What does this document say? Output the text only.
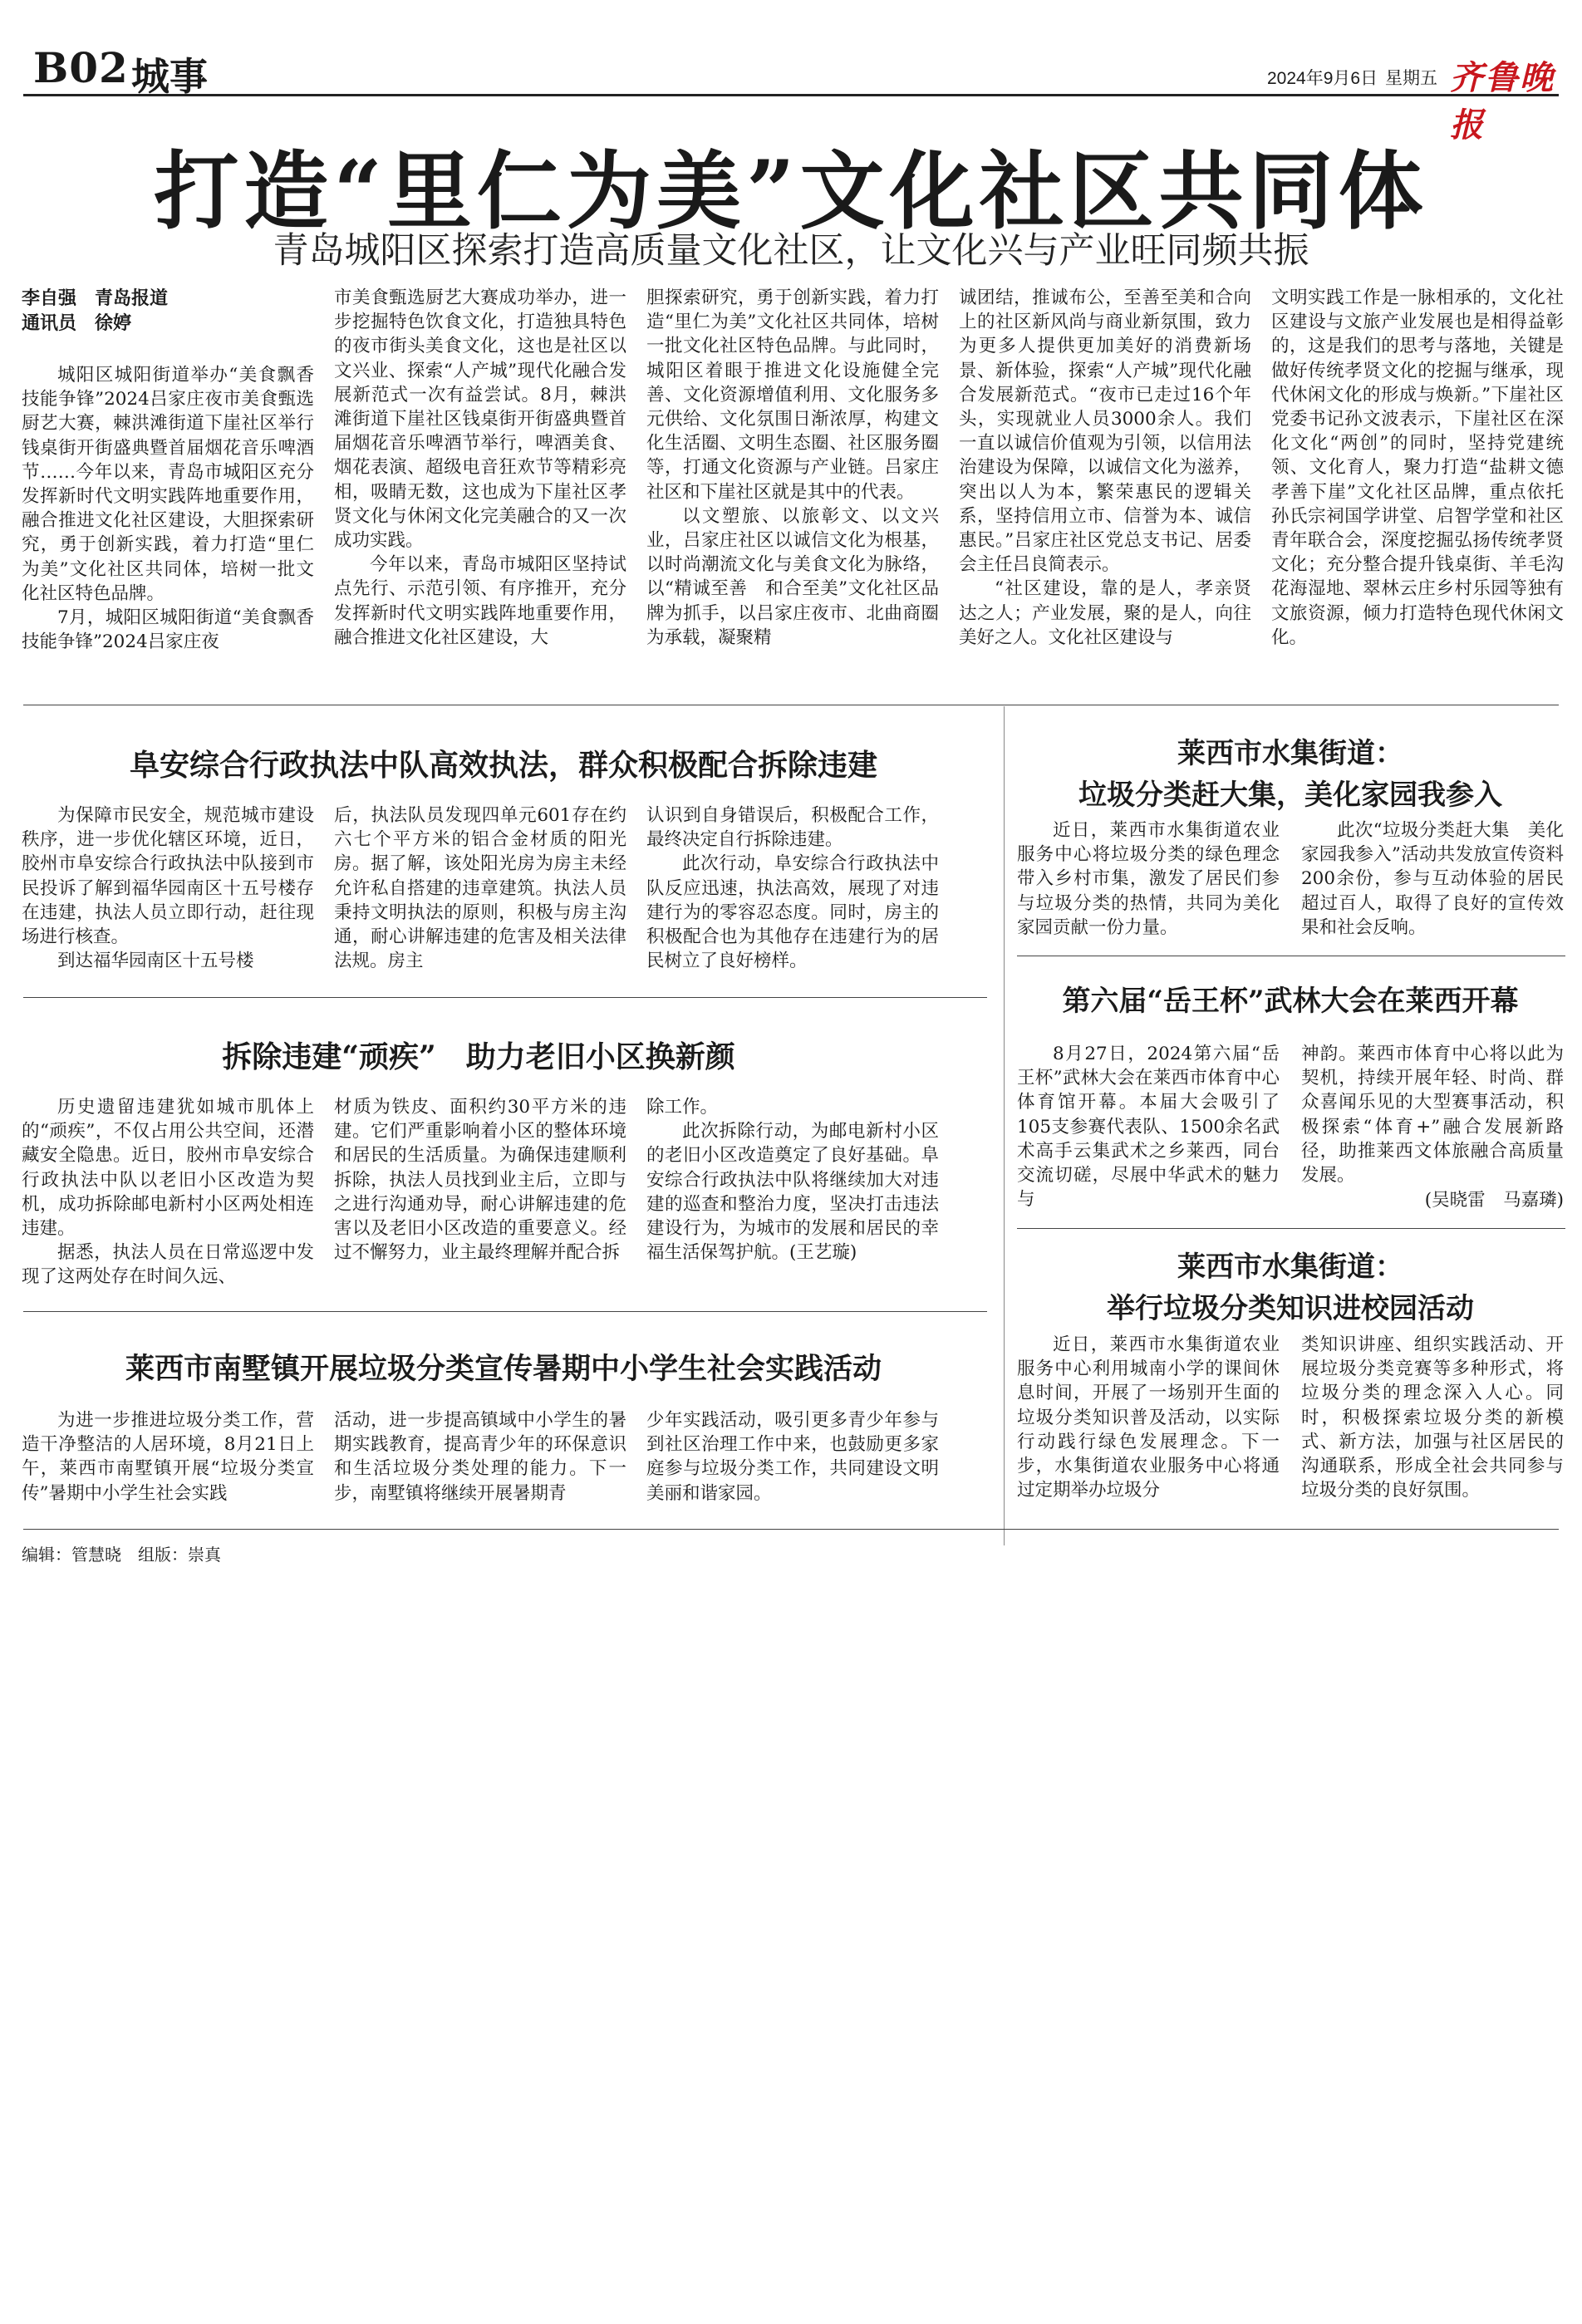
B02 城事	2024年9月6日 星期五 齐鲁晚报
打造“里仁为美”文化社区共同体
青岛城阳区探索打造高质量文化社区，让文化兴与产业旺同频共振
李自强　青岛报道
通讯员　徐婷

城阳区城阳街道举办“美食飘香　技能争锋”2024吕家庄夜市美食甄选厨艺大赛，棘洪滩街道下崖社区举行钱桌街开街盛典暨首届烟花音乐啤酒节……今年以来，青岛市城阳区充分发挥新时代文明实践阵地重要作用，融合推进文化社区建设，大胆探索研究，勇于创新实践，着力打造“里仁为美”文化社区共同体，培树一批文化社区特色品牌。

7月，城阳区城阳街道“美食飘香　技能争锋”2024吕家庄夜

市美食甄选厨艺大赛成功举办，进一步挖掘特色饮食文化，打造独具特色的夜市街头美食文化，这也是社区以文兴业、探索“人产城”现代化融合发展新范式一次有益尝试。8月，棘洪滩街道下崖社区钱桌街开街盛典暨首届烟花音乐啤酒节举行，啤酒美食、烟花表演、超级电音狂欢节等精彩亮相，吸睛无数，这也成为下崖社区孝贤文化与休闲文化完美融合的又一次成功实践。

今年以来，青岛市城阳区坚持试点先行、示范引领、有序推开，充分发挥新时代文明实践阵地重要作用，融合推进文化社区建设，大

胆探索研究，勇于创新实践，着力打造“里仁为美”文化社区共同体，培树一批文化社区特色品牌。与此同时，城阳区着眼于推进文化设施健全完善、文化资源增值利用、文化服务多元供给、文化氛围日渐浓厚，构建文化生活圈、文明生态圈、社区服务圈等，打通文化资源与产业链。吕家庄社区和下崖社区就是其中的代表。

以文塑旅、以旅彰文、以文兴业，吕家庄社区以诚信文化为根基，以时尚潮流文化与美食文化为脉络，以“精诚至善　和合至美”文化社区品牌为抓手，以吕家庄夜市、北曲商圈为承载，凝聚精

诚团结，推诚布公，至善至美和合向上的社区新风尚与商业新氛围，致力为更多人提供更加美好的消费新场景、新体验，探索“人产城”现代化融合发展新范式。“夜市已走过16个年头，实现就业人员3000余人。我们一直以诚信价值观为引领，以信用法治建设为保障，以诚信文化为滋养，突出以人为本，繁荣惠民的逻辑关系，坚持信用立市、信誉为本、诚信惠民。”吕家庄社区党总支书记、居委会主任吕良简表示。

“社区建设，靠的是人，孝亲贤达之人；产业发展，聚的是人，向往美好之人。文化社区建设与

文明实践工作是一脉相承的，文化社区建设与文旅产业发展也是相得益彰的，这是我们的思考与落地，关键是做好传统孝贤文化的挖掘与继承，现代休闲文化的形成与焕新。”下崖社区党委书记孙文波表示，下崖社区在深化文化“两创”的同时，坚持党建统领、文化育人，聚力打造“盐耕文德　孝善下崖”文化社区品牌，重点依托孙氏宗祠国学讲堂、启智学堂和社区青年联合会，深度挖掘弘扬传统孝贤文化；充分整合提升钱桌街、羊毛沟花海湿地、翠林云庄乡村乐园等独有文旅资源，倾力打造特色现代休闲文化。

阜安综合行政执法中队高效执法，群众积极配合拆除违建

为保障市民安全，规范城市建设秩序，进一步优化辖区环境，近日，胶州市阜安综合行政执法中队接到市民投诉了解到福华园南区十五号楼存在违建，执法人员立即行动，赶往现场进行核查。

到达福华园南区十五号楼

后，执法队员发现四单元601存在约六七个平方米的铝合金材质的阳光房。据了解，该处阳光房为房主未经允许私自搭建的违章建筑。执法人员秉持文明执法的原则，积极与房主沟通，耐心讲解违建的危害及相关法律法规。房主

认识到自身错误后，积极配合工作，最终决定自行拆除违建。

此次行动，阜安综合行政执法中队反应迅速，执法高效，展现了对违建行为的零容忍态度。同时，房主的积极配合也为其他存在违建行为的居民树立了良好榜样。

拆除违建“顽疾”　助力老旧小区换新颜

历史遗留违建犹如城市肌体上的“顽疾”，不仅占用公共空间，还潜藏安全隐患。近日，胶州市阜安综合行政执法中队以老旧小区改造为契机，成功拆除邮电新村小区两处相连违建。

据悉，执法人员在日常巡逻中发现了这两处存在时间久远、

材质为铁皮、面积约30平方米的违建。它们严重影响着小区的整体环境和居民的生活质量。为确保违建顺利拆除，执法人员找到业主后，立即与之进行沟通劝导，耐心讲解违建的危害以及老旧小区改造的重要意义。经过不懈努力，业主最终理解并配合拆

除工作。

此次拆除行动，为邮电新村小区的老旧小区改造奠定了良好基础。阜安综合行政执法中队将继续加大对违建的巡查和整治力度，坚决打击违法建设行为，为城市的发展和居民的幸福生活保驾护航。(王艺璇)

莱西市南墅镇开展垃圾分类宣传暑期中小学生社会实践活动

为进一步推进垃圾分类工作，营造干净整洁的人居环境，8月21日上午，莱西市南墅镇开展“垃圾分类宣传”暑期中小学生社会实践

活动，进一步提高镇域中小学生的暑期实践教育，提高青少年的环保意识和生活垃圾分类处理的能力。下一步，南墅镇将继续开展暑期青

少年实践活动，吸引更多青少年参与到社区治理工作中来，也鼓励更多家庭参与垃圾分类工作，共同建设文明美丽和谐家园。

莱西市水集街道：
垃圾分类赶大集，美化家园我参入

近日，莱西市水集街道农业服务中心将垃圾分类的绿色理念带入乡村市集，激发了居民们参与垃圾分类的热情，共同为美化家园贡献一份力量。

此次“垃圾分类赶大集　美化家园我参入”活动共发放宣传资料200余份，参与互动体验的居民超过百人，取得了良好的宣传效果和社会反响。

第六届“岳王杯”武林大会在莱西开幕

8月27日，2024第六届“岳王杯”武林大会在莱西市体育中心体育馆开幕。本届大会吸引了105支参赛代表队、1500余名武术高手云集武术之乡莱西，同台交流切磋，尽展中华武术的魅力与

神韵。莱西市体育中心将以此为契机，持续开展年轻、时尚、群众喜闻乐见的大型赛事活动，积极探索“体育+”融合发展新路径，助推莱西文体旅融合高质量发展。

(吴晓雷　马嘉璘)
莱西市水集街道：
举行垃圾分类知识进校园活动

近日，莱西市水集街道农业服务中心利用城南小学的课间休息时间，开展了一场别开生面的垃圾分类知识普及活动，以实际行动践行绿色发展理念。下一步，水集街道农业服务中心将通过定期举办垃圾分

类知识讲座、组织实践活动、开展垃圾分类竞赛等多种形式，将垃圾分类的理念深入人心。同时，积极探索垃圾分类的新模式、新方法，加强与社区居民的沟通联系，形成全社会共同参与垃圾分类的良好氛围。

编辑：管慧晓　组版：崇真
